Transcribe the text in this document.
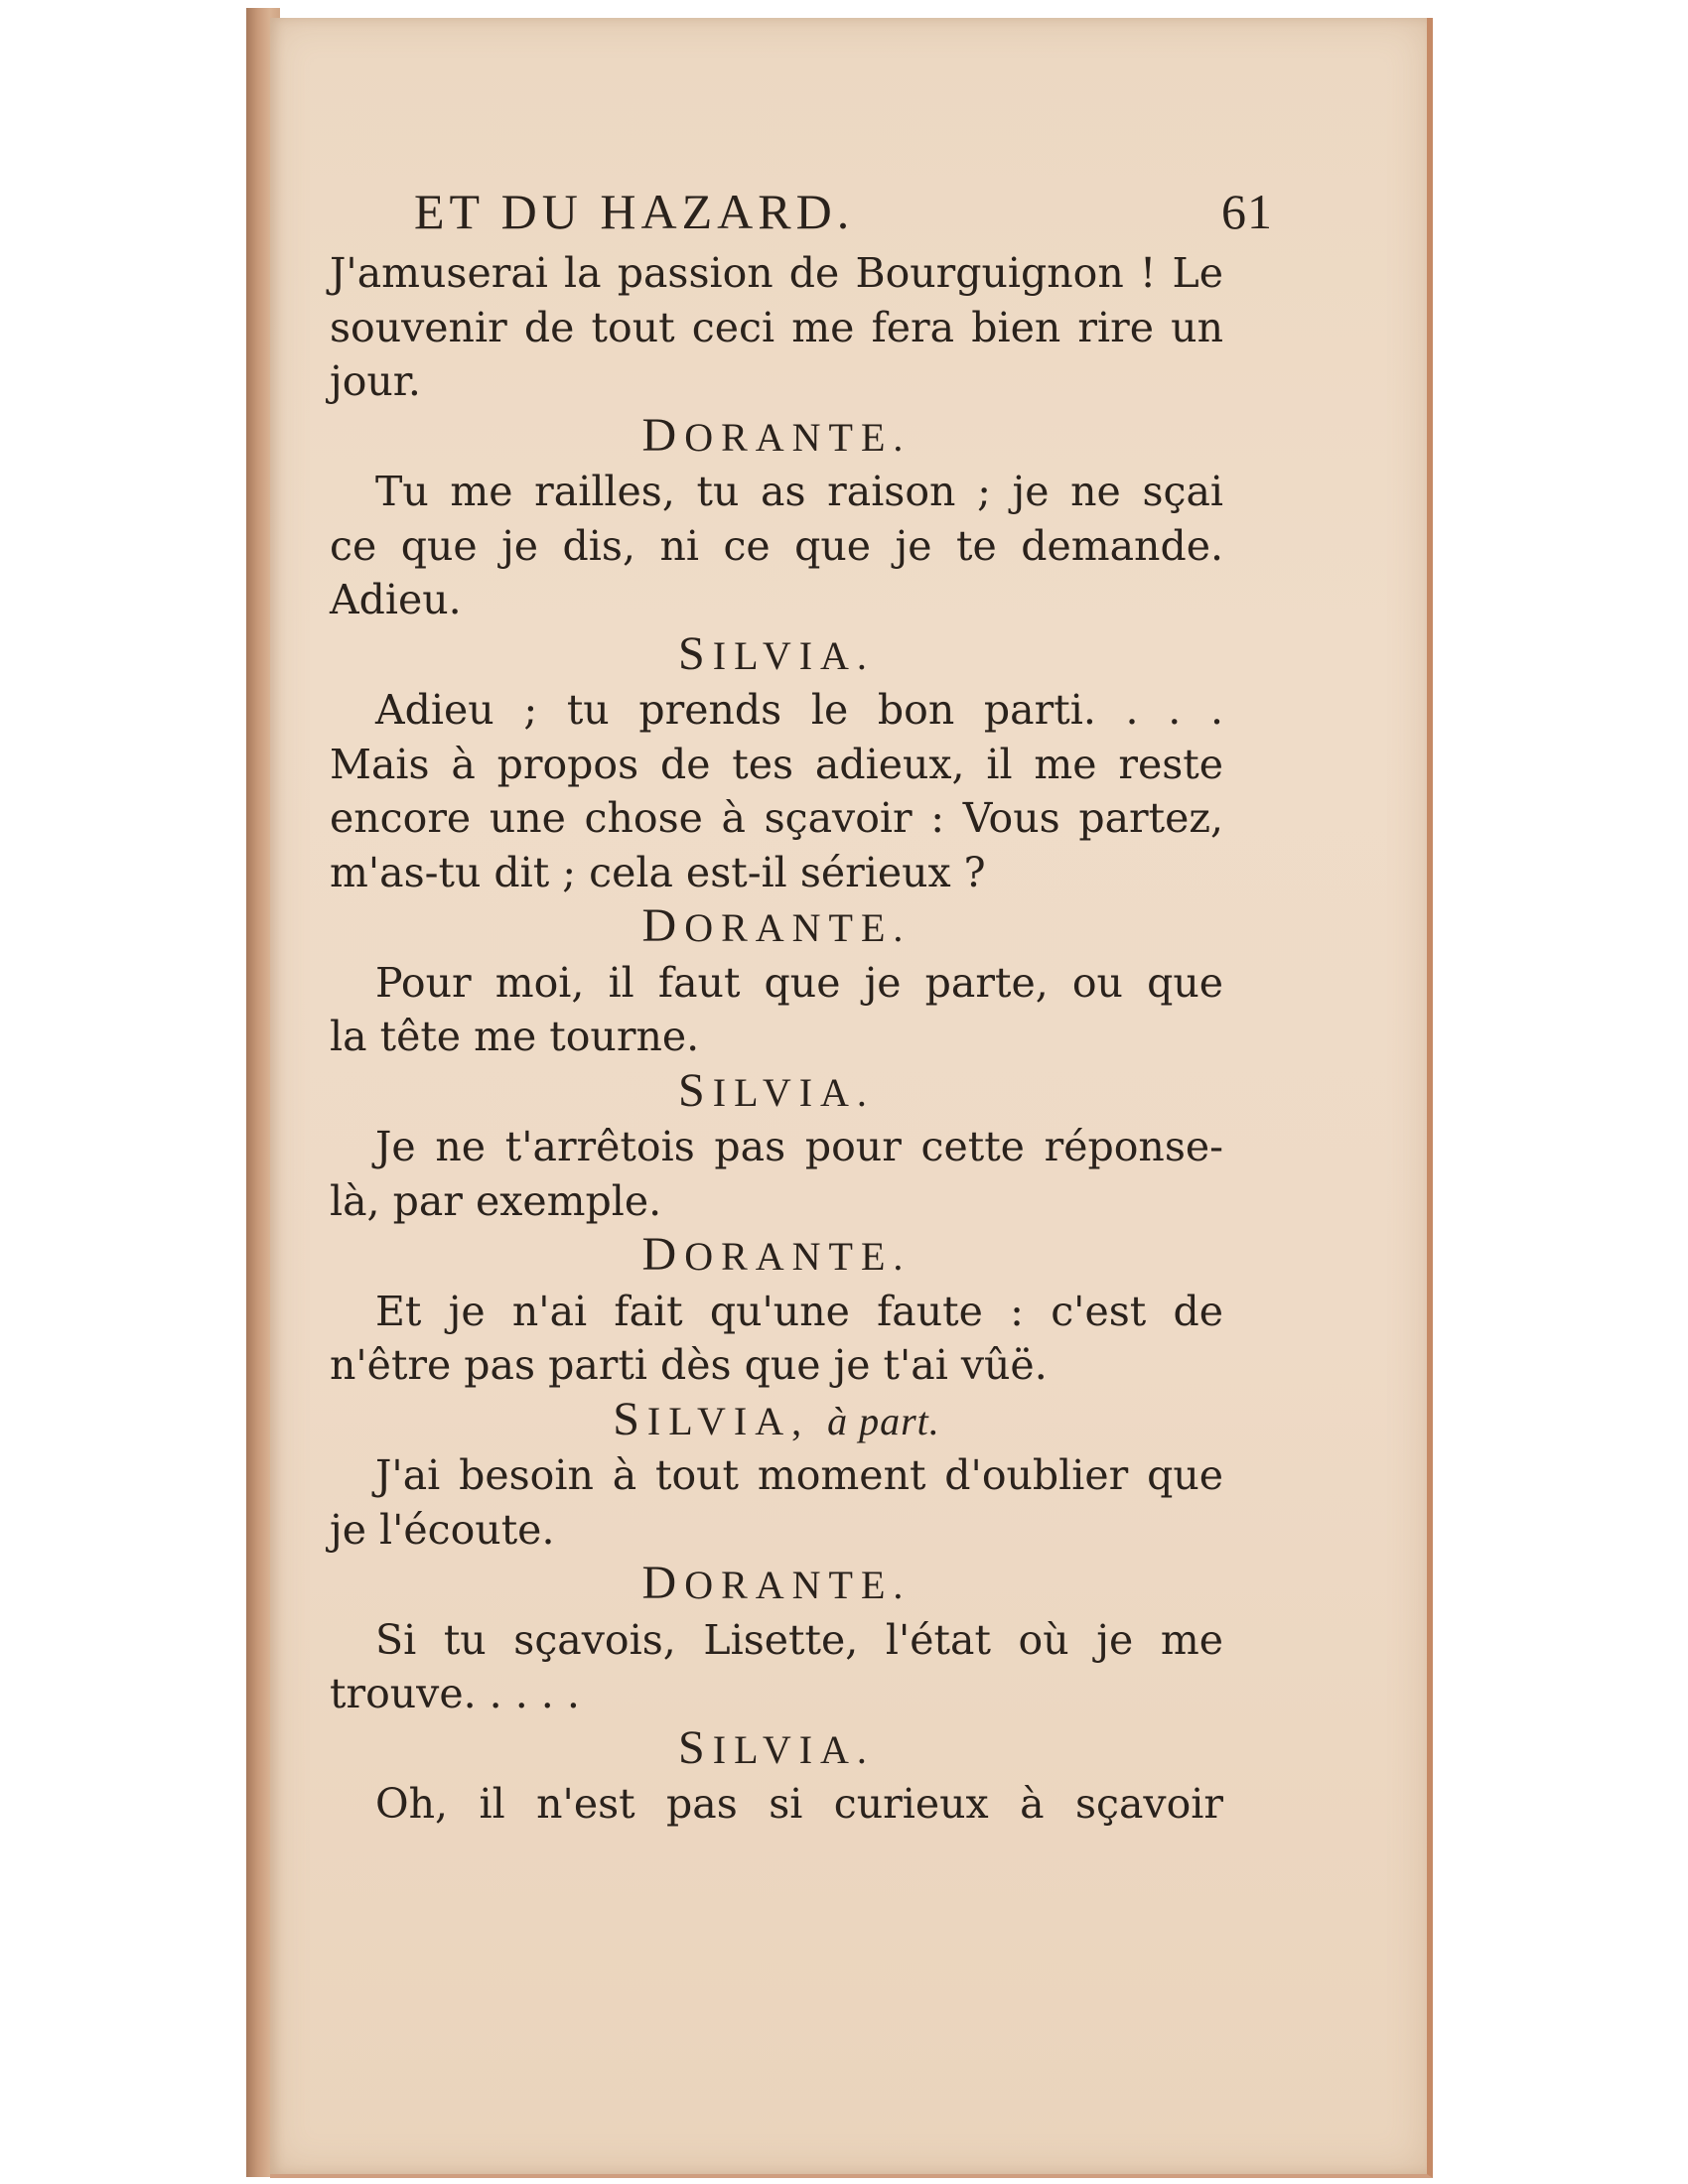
ET DU HAZARD.	61
J'amuserai la passion de Bourguignon ! Le
souvenir de tout ceci me fera bien rire un
jour.
DORANTE.
Tu me railles, tu as raison ; je ne sçai
ce que je dis, ni ce que je te demande.
Adieu.
SILVIA.
Adieu ; tu prends le bon parti. . . .
Mais à propos de tes adieux, il me reste
encore une chose à sçavoir : Vous partez,
m'as-tu dit ; cela est-il sérieux ?
DORANTE.
Pour moi, il faut que je parte, ou que
la tête me tourne.
SILVIA.
Je ne t'arrêtois pas pour cette réponse-
là, par exemple.
DORANTE.
Et je n'ai fait qu'une faute : c'est de
n'être pas parti dès que je t'ai vûë.
SILVIA, à part.
J'ai besoin à tout moment d'oublier que
je l'écoute.
DORANTE.
Si tu sçavois, Lisette, l'état où je me
trouve. . . . .
SILVIA.
Oh, il n'est pas si curieux à sçavoir
